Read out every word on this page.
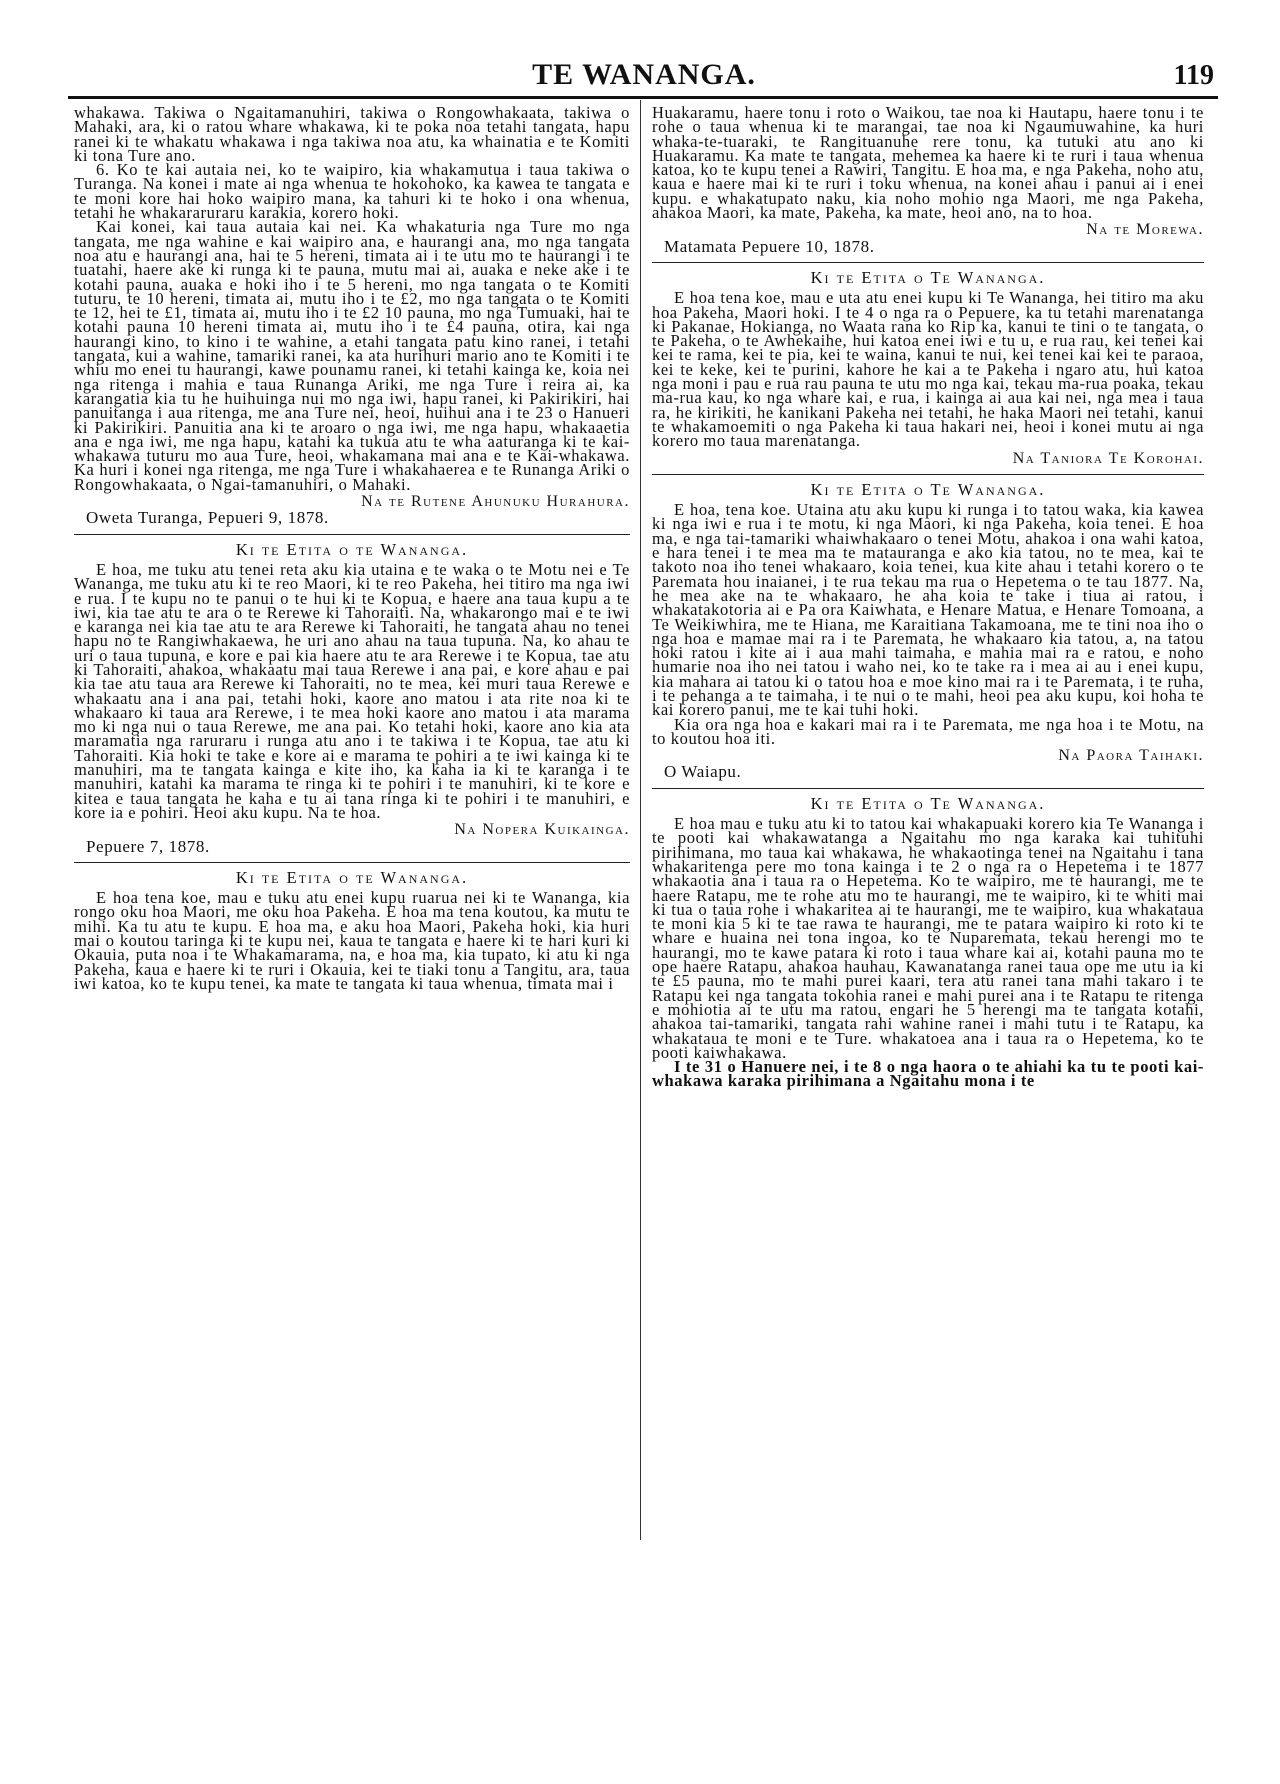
TE WANANGA.	119

whakawa. Takiwa o Ngaitamanuhiri, takiwa o Rongowhakaata, takiwa o Mahaki, ara, ki o ratou whare whakawa, ki te poka noa tetahi tangata, hapu ranei ki te whakatu whakawa i nga takiwa noa atu, ka whainatia e te Komiti ki tona Ture ano.

6. Ko te kai autaia nei, ko te waipiro, kia whakamutua i taua takiwa o Turanga. Na konei i mate ai nga whenua te hokohoko, ka kawea te tangata e te moni kore hai hoko waipiro mana, ka tahuri ki te hoko i ona whenua, tetahi he whakararuraru karakia, korero hoki.

Kai konei, kai taua autaia kai nei. Ka whakaturia nga Ture mo nga tangata, me nga wahine e kai waipiro ana, e haurangi ana, mo nga tangata noa atu e haurangi ana, hai te 5 hereni, timata ai i te utu mo te haurangi i te tuatahi, haere ake ki runga ki te pauna, mutu mai ai, auaka e neke ake i te kotahi pauna, auaka e hoki iho i te 5 hereni, mo nga tangata o te Komiti tuturu, te 10 hereni, timata ai, mutu iho i te £2, mo nga tangata o te Komiti te 12, hei te £1, timata ai, mutu iho i te £2 10 pauna, mo nga Tumuaki, hai te kotahi pauna 10 hereni timata ai, mutu iho i te £4 pauna, otira, kai nga haurangi kino, to kino i te wahine, a etahi tangata patu kino ranei, i tetahi tangata, kui a wahine, tamariki ranei, ka ata hurihuri mario ano te Komiti i te whiu mo enei tu haurangi, kawe pounamu ranei, ki tetahi kainga ke, koia nei nga ritenga i mahia e taua Runanga Ariki, me nga Ture i reira ai, ka karangatia kia tu he huihuinga nui mo nga iwi, hapu ranei, ki Pakirikiri, hai panuitanga i aua ritenga, me ana Ture nei, heoi, huihui ana i te 23 o Hanueri ki Pakirikiri. Panuitia ana ki te aroaro o nga iwi, me nga hapu, whakaaetia ana e nga iwi, me nga hapu, katahi ka tukua atu te wha aaturanga ki te kai-whakawa tuturu mo aua Ture, heoi, whakamana mai ana e te Kai-whakawa. Ka huri i konei nga ritenga, me nga Ture i whakahaerea e te Runanga Ariki o Rongowhakaata, o Ngai-tamanuhiri, o Mahaki.

Na te Rutene Ahunuku Hurahura.
Oweta Turanga, Pepueri 9, 1878.
Ki te Etita o te Wananga.

E hoa, me tuku atu tenei reta aku kia utaina e te waka o te Motu nei e Te Wananga, me tuku atu ki te reo Maori, ki te reo Pakeha, hei titiro ma nga iwi e rua. I te kupu no te panui o te hui ki te Kopua, e haere ana taua kupu a te iwi, kia tae atu te ara o te Rerewe ki Tahoraiti. Na, whakarongo mai e te iwi e karanga nei kia tae atu te ara Rerewe ki Tahoraiti, he tangata ahau no tenei hapu no te Rangiwhakaewa, he uri ano ahau na taua tupuna. Na, ko ahau te uri o taua tupuna, e kore e pai kia haere atu te ara Rerewe i te Kopua, tae atu ki Tahoraiti, ahakoa, whakaatu mai taua Rerewe i ana pai, e kore ahau e pai kia tae atu taua ara Rerewe ki Tahoraiti, no te mea, kei muri taua Rerewe e whakaatu ana i ana pai, tetahi hoki, kaore ano matou i ata rite noa ki te whakaaro ki taua ara Rerewe, i te mea hoki kaore ano matou i ata marama mo ki nga nui o taua Rerewe, me ana pai. Ko tetahi hoki, kaore ano kia ata maramatia nga raruraru i runga atu ano i te takiwa i te Kopua, tae atu ki Tahoraiti. Kia hoki te take e kore ai e marama te pohiri a te iwi kainga ki te manuhiri, ma te tangata kainga e kite iho, ka kaha ia ki te karanga i te manuhiri, katahi ka marama te ringa ki te pohiri i te manuhiri, ki te kore e kitea e taua tangata he kaha e tu ai tana ringa ki te pohiri i te manuhiri, e kore ia e pohiri. Heoi aku kupu. Na te hoa.

Na Nopera Kuikainga.
Pepuere 7, 1878.
Ki te Etita o te Wananga.

E hoa tena koe, mau e tuku atu enei kupu ruarua nei ki te Wananga, kia rongo oku hoa Maori, me oku hoa Pakeha. E hoa ma tena koutou, ka mutu te mihi. Ka tu atu te kupu. E hoa ma, e aku hoa Maori, Pakeha hoki, kia huri mai o koutou taringa ki te kupu nei, kaua te tangata e haere ki te hari kuri ki Okauia, puta noa i te Whakamarama, na, e hoa ma, kia tupato, ki atu ki nga Pakeha, kaua e haere ki te ruri i Okauia, kei te tiaki tonu a Tangitu, ara, taua iwi katoa, ko te kupu tenei, ka mate te tangata ki taua whenua, timata mai i

Huakaramu, haere tonu i roto o Waikou, tae noa ki Hautapu, haere tonu i te rohe o taua whenua ki te marangai, tae noa ki Ngaumuwahine, ka huri whaka-te-tuaraki, te Rangituanuhe rere tonu, ka tutuki atu ano ki Huakaramu. Ka mate te tangata, mehemea ka haere ki te ruri i taua whenua katoa, ko te kupu tenei a Rawiri, Tangitu. E hoa ma, e nga Pakeha, noho atu, kaua e haere mai ki te ruri i toku whenua, na konei ahau i panui ai i enei kupu. e whakatupato naku, kia noho mohio nga Maori, me nga Pakeha, ahakoa Maori, ka mate, Pakeha, ka mate, heoi ano, na to hoa.

Na te Morewa.
Matamata Pepuere 10, 1878.
Ki te Etita o Te Wananga.

E hoa tena koe, mau e uta atu enei kupu ki Te Wananga, hei titiro ma aku hoa Pakeha, Maori hoki. I te 4 o nga ra o Pepuere, ka tu tetahi marenatanga ki Pakanae, Hokianga, no Waata rana ko Rip ka, kanui te tini o te tangata, o te Pakeha, o te Awhekaihe, hui katoa enei iwi e tu u, e rua rau, kei tenei kai kei te rama, kei te pia, kei te waina, kanui te nui, kei tenei kai kei te paraoa, kei te keke, kei te purini, kahore he kai a te Pakeha i ngaro atu, hui katoa nga moni i pau e rua rau pauna te utu mo nga kai, tekau ma-rua poaka, tekau ma-rua kau, ko nga whare kai, e rua, i kainga ai aua kai nei, nga mea i taua ra, he kirikiti, he kanikani Pakeha nei tetahi, he haka Maori nei tetahi, kanui te whakamoemiti o nga Pakeha ki taua hakari nei, heoi i konei mutu ai nga korero mo taua marenatanga.

Na Taniora Te Korohai.
Ki te Etita o Te Wananga.

E hoa, tena koe. Utaina atu aku kupu ki runga i to tatou waka, kia kawea ki nga iwi e rua i te motu, ki nga Maori, ki nga Pakeha, koia tenei. E hoa ma, e nga tai-tamariki whaiwhakaaro o tenei Motu, ahakoa i ona wahi katoa, e hara tenei i te mea ma te matauranga e ako kia tatou, no te mea, kai te takoto noa iho tenei whakaaro, koia tenei, kua kite ahau i tetahi korero o te Paremata hou inaianei, i te rua tekau ma rua o Hepetema o te tau 1877. Na, he mea ake na te whakaaro, he aha koia te take i tiua ai ratou, i whakatakotoria ai e Pa ora Kaiwhata, e Henare Matua, e Henare Tomoana, a Te Weikiwhira, me te Hiana, me Karaitiana Takamoana, me te tini noa iho o nga hoa e mamae mai ra i te Paremata, he whakaaro kia tatou, a, na tatou hoki ratou i kite ai i aua mahi taimaha, e mahia mai ra e ratou, e noho humarie noa iho nei tatou i waho nei, ko te take ra i mea ai au i enei kupu, kia mahara ai tatou ki o tatou hoa e moe kino mai ra i te Paremata, i te ruha, i te pehanga a te taimaha, i te nui o te mahi, heoi pea aku kupu, koi hoha te kai korero panui, me te kai tuhi hoki.

Kia ora nga hoa e kakari mai ra i te Paremata, me nga hoa i te Motu, na to koutou hoa iti.

Na Paora Taihaki.
O Waiapu.
Ki te Etita o Te Wananga.

E hoa mau e tuku atu ki to tatou kai whakapuaki korero kia Te Wananga i te pooti kai whakawatanga a Ngaitahu mo nga karaka kai tuhituhi pirihimana, mo taua kai whakawa, he whakaotinga tenei na Ngaitahu i tana whakaritenga pere mo tona kainga i te 2 o nga ra o Hepetema i te 1877 whakaotia ana i taua ra o Hepetema. Ko te waipiro, me te haurangi, me te haere Ratapu, me te rohe atu mo te haurangi, me te waipiro, ki te whiti mai ki tua o taua rohe i whakaritea ai te haurangi, me te waipiro, kua whakataua te moni kia 5 ki te tae rawa te haurangi, me te patara waipiro ki roto ki te whare e huaina nei tona ingoa, ko te Nuparemata, tekau herengi mo te haurangi, mo te kawe patara ki roto i taua whare kai ai, kotahi pauna mo te ope haere Ratapu, ahakoa hauhau, Kawanatanga ranei taua ope me utu ia ki te £5 pauna, mo te mahi purei kaari, tera atu ranei tana mahi takaro i te Ratapu kei nga tangata tokohia ranei e mahi purei ana i te Ratapu te ritenga e mohiotia ai te utu ma ratou, engari he 5 herengi ma te tangata kotahi, ahakoa tai-tamariki, tangata rahi wahine ranei i mahi tutu i te Ratapu, ka whakataua te moni e te Ture. whakatoea ana i taua ra o Hepetema, ko te pooti kaiwhakawa.

I te 31 o Hanuere nei, i te 8 o nga haora o te ahiahi ka tu te pooti kai-whakawa karaka pirihimana a Ngaitahu mona i te
